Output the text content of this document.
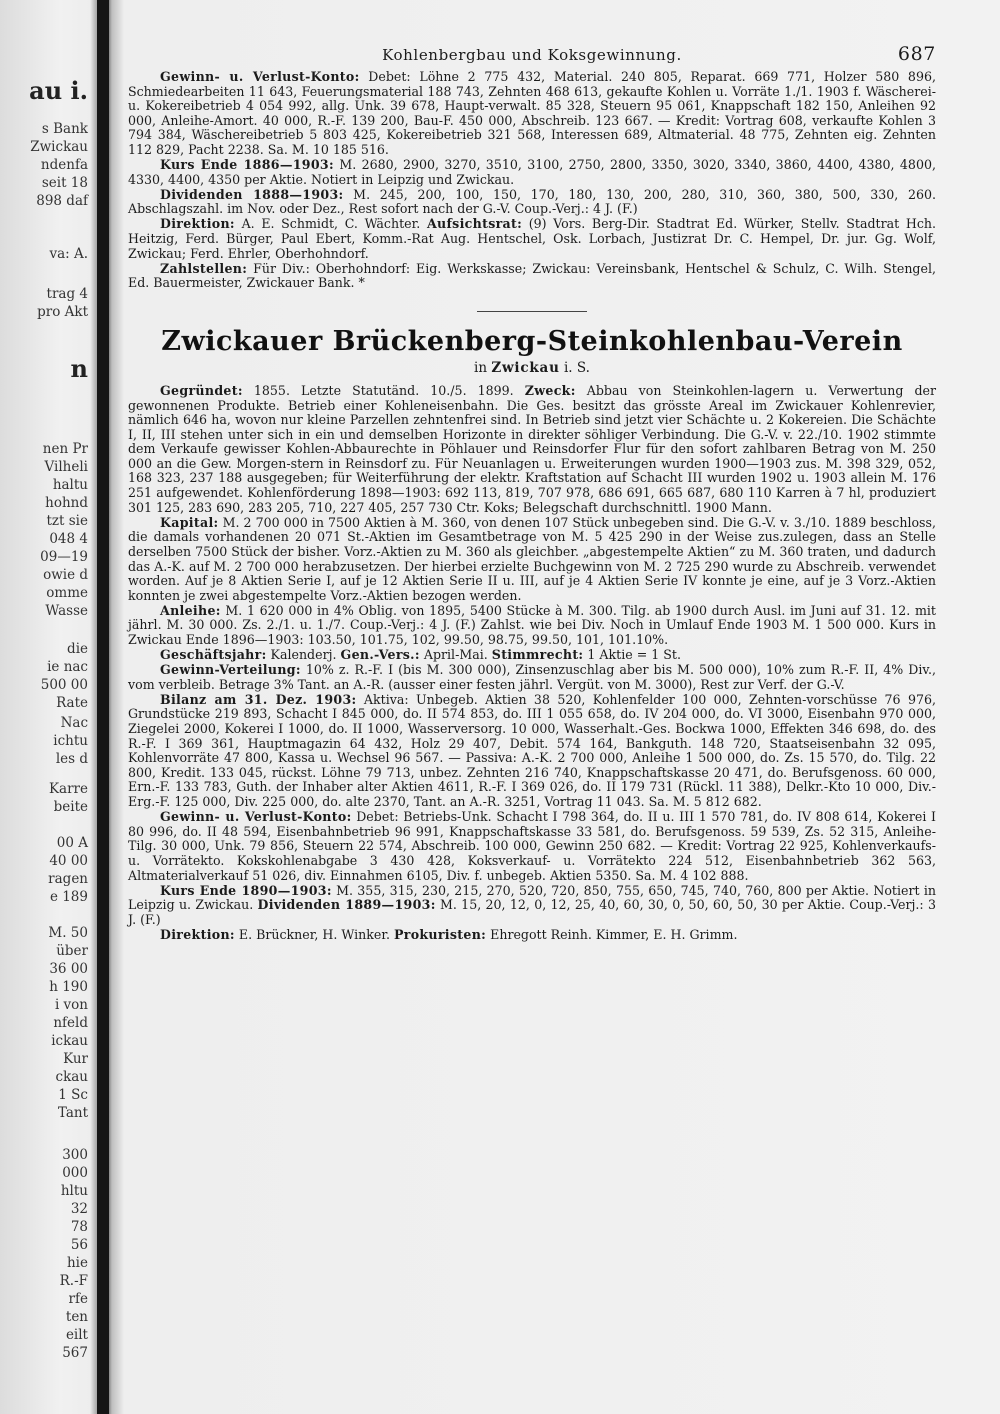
au i.
s Bank
Zwickau
ndenfa
seit 18
898 daf
va: A.
trag 4
pro Akt
n
nen Pr
Vilheli
haltu
hohnd
tzt sie
048 4
09—19
owie d
omme
Wasse
die
ie nac
500 00
Rate
Nac
ichtu
les d
Karre
beite
00 A
40 00
ragen
e 189
M. 50
über
36 00
h 190
i von
nfeld
ickau
Kur
ckau
1 Sc
Tant
300
000
hltu
32
78
56
hie
R.-F
rfe
ten
eilt
567
Kohlenbergbau und Koksgewinnung.	687

Gewinn- u. Verlust-Konto: Debet: Löhne 2 775 432, Material. 240 805, Reparat. 669 771, Holzer 580 896, Schmiedearbeiten 11 643, Feuerungsmaterial 188 743, Zehnten 468 613, gekaufte Kohlen u. Vorräte 1./1. 1903 f. Wäscherei- u. Kokereibetrieb 4 054 992, allg. Unk. 39 678, Haupt-verwalt. 85 328, Steuern 95 061, Knappschaft 182 150, Anleihen 92 000, Anleihe-Amort. 40 000, R.-F. 139 200, Bau-F. 450 000, Abschreib. 123 667. — Kredit: Vortrag 608, verkaufte Kohlen 3 794 384, Wäschereibetrieb 5 803 425, Kokereibetrieb 321 568, Interessen 689, Altmaterial. 48 775, Zehnten eig. Zehnten 112 829, Pacht 2238. Sa. M. 10 185 516.

Kurs Ende 1886—1903: M. 2680, 2900, 3270, 3510, 3100, 2750, 2800, 3350, 3020, 3340, 3860, 4400, 4380, 4800, 4330, 4400, 4350 per Aktie. Notiert in Leipzig und Zwickau.

Dividenden 1888—1903: M. 245, 200, 100, 150, 170, 180, 130, 200, 280, 310, 360, 380, 500, 330, 260. Abschlagszahl. im Nov. oder Dez., Rest sofort nach der G.-V. Coup.-Verj.: 4 J. (F.)

Direktion: A. E. Schmidt, C. Wächter. Aufsichtsrat: (9) Vors. Berg-Dir. Stadtrat Ed. Würker, Stellv. Stadtrat Hch. Heitzig, Ferd. Bürger, Paul Ebert, Komm.-Rat Aug. Hentschel, Osk. Lorbach, Justizrat Dr. C. Hempel, Dr. jur. Gg. Wolf, Zwickau; Ferd. Ehrler, Oberhohndorf.

Zahlstellen: Für Div.: Oberhohndorf: Eig. Werkskasse; Zwickau: Vereinsbank, Hentschel & Schulz, C. Wilh. Stengel, Ed. Bauermeister, Zwickauer Bank. *

Zwickauer Brückenberg-Steinkohlenbau-Verein
in Zwickau i. S.

Gegründet: 1855. Letzte Statutänd. 10./5. 1899. Zweck: Abbau von Steinkohlen-lagern u. Verwertung der gewonnenen Produkte. Betrieb einer Kohleneisenbahn. Die Ges. besitzt das grösste Areal im Zwickauer Kohlenrevier, nämlich 646 ha, wovon nur kleine Parzellen zehntenfrei sind. In Betrieb sind jetzt vier Schächte u. 2 Kokereien. Die Schächte I, II, III stehen unter sich in ein und demselben Horizonte in direkter söhliger Verbindung. Die G.-V. v. 22./10. 1902 stimmte dem Verkaufe gewisser Kohlen-Abbaurechte in Pöhlauer und Reinsdorfer Flur für den sofort zahlbaren Betrag von M. 250 000 an die Gew. Morgen-stern in Reinsdorf zu. Für Neuanlagen u. Erweiterungen wurden 1900—1903 zus. M. 398 329, 052, 168 323, 237 188 ausgegeben; für Weiterführung der elektr. Kraftstation auf Schacht III wurden 1902 u. 1903 allein M. 176 251 aufgewendet. Kohlenförderung 1898—1903: 692 113, 819, 707 978, 686 691, 665 687, 680 110 Karren à 7 hl, produziert 301 125, 283 690, 283 205, 710, 227 405, 257 730 Ctr. Koks; Belegschaft durchschnittl. 1900 Mann.

Kapital: M. 2 700 000 in 7500 Aktien à M. 360, von denen 107 Stück unbegeben sind. Die G.-V. v. 3./10. 1889 beschloss, die damals vorhandenen 20 071 St.-Aktien im Gesamtbetrage von M. 5 425 290 in der Weise zus.zulegen, dass an Stelle derselben 7500 Stück der bisher. Vorz.-Aktien zu M. 360 als gleichber. „abgestempelte Aktien“ zu M. 360 traten, und dadurch das A.-K. auf M. 2 700 000 herabzusetzen. Der hierbei erzielte Buchgewinn von M. 2 725 290 wurde zu Abschreib. verwendet worden. Auf je 8 Aktien Serie I, auf je 12 Aktien Serie II u. III, auf je 4 Aktien Serie IV konnte je eine, auf je 3 Vorz.-Aktien konnten je zwei abgestempelte Vorz.-Aktien bezogen werden.

Anleihe: M. 1 620 000 in 4% Oblig. von 1895, 5400 Stücke à M. 300. Tilg. ab 1900 durch Ausl. im Juni auf 31. 12. mit jährl. M. 30 000. Zs. 2./1. u. 1./7. Coup.-Verj.: 4 J. (F.) Zahlst. wie bei Div. Noch in Umlauf Ende 1903 M. 1 500 000. Kurs in Zwickau Ende 1896—1903: 103.50, 101.75, 102, 99.50, 98.75, 99.50, 101, 101.10%.

Geschäftsjahr: Kalenderj. Gen.-Vers.: April-Mai. Stimmrecht: 1 Aktie = 1 St.

Gewinn-Verteilung: 10% z. R.-F. I (bis M. 300 000), Zinsenzuschlag aber bis M. 500 000), 10% zum R.-F. II, 4% Div., vom verbleib. Betrage 3% Tant. an A.-R. (ausser einer festen jährl. Vergüt. von M. 3000), Rest zur Verf. der G.-V.

Bilanz am 31. Dez. 1903: Aktiva: Unbegeb. Aktien 38 520, Kohlenfelder 100 000, Zehnten-vorschüsse 76 976, Grundstücke 219 893, Schacht I 845 000, do. II 574 853, do. III 1 055 658, do. IV 204 000, do. VI 3000, Eisenbahn 970 000, Ziegelei 2000, Kokerei I 1000, do. II 1000, Wasserversorg. 10 000, Wasserhalt.-Ges. Bockwa 1000, Effekten 346 698, do. des R.-F. I 369 361, Hauptmagazin 64 432, Holz 29 407, Debit. 574 164, Bankguth. 148 720, Staatseisenbahn 32 095, Kohlenvorräte 47 800, Kassa u. Wechsel 96 567. — Passiva: A.-K. 2 700 000, Anleihe 1 500 000, do. Zs. 15 570, do. Tilg. 22 800, Kredit. 133 045, rückst. Löhne 79 713, unbez. Zehnten 216 740, Knappschaftskasse 20 471, do. Berufsgenoss. 60 000, Ern.-F. 133 783, Guth. der Inhaber alter Aktien 4611, R.-F. I 369 026, do. II 179 731 (Rückl. 11 388), Delkr.-Kto 10 000, Div.-Erg.-F. 125 000, Div. 225 000, do. alte 2370, Tant. an A.-R. 3251, Vortrag 11 043. Sa. M. 5 812 682.

Gewinn- u. Verlust-Konto: Debet: Betriebs-Unk. Schacht I 798 364, do. II u. III 1 570 781, do. IV 808 614, Kokerei I 80 996, do. II 48 594, Eisenbahnbetrieb 96 991, Knappschaftskasse 33 581, do. Berufsgenoss. 59 539, Zs. 52 315, Anleihe-Tilg. 30 000, Unk. 79 856, Steuern 22 574, Abschreib. 100 000, Gewinn 250 682. — Kredit: Vortrag 22 925, Kohlenverkaufs- u. Vorrätekto. Kokskohlenabgabe 3 430 428, Koksverkauf- u. Vorrätekto 224 512, Eisenbahnbetrieb 362 563, Altmaterialverkauf 51 026, div. Einnahmen 6105, Div. f. unbegeb. Aktien 5350. Sa. M. 4 102 888.

Kurs Ende 1890—1903: M. 355, 315, 230, 215, 270, 520, 720, 850, 755, 650, 745, 740, 760, 800 per Aktie. Notiert in Leipzig u. Zwickau. Dividenden 1889—1903: M. 15, 20, 12, 0, 12, 25, 40, 60, 30, 0, 50, 60, 50, 30 per Aktie. Coup.-Verj.: 3 J. (F.)

Direktion: E. Brückner, H. Winker. Prokuristen: Ehregott Reinh. Kimmer, E. H. Grimm.
